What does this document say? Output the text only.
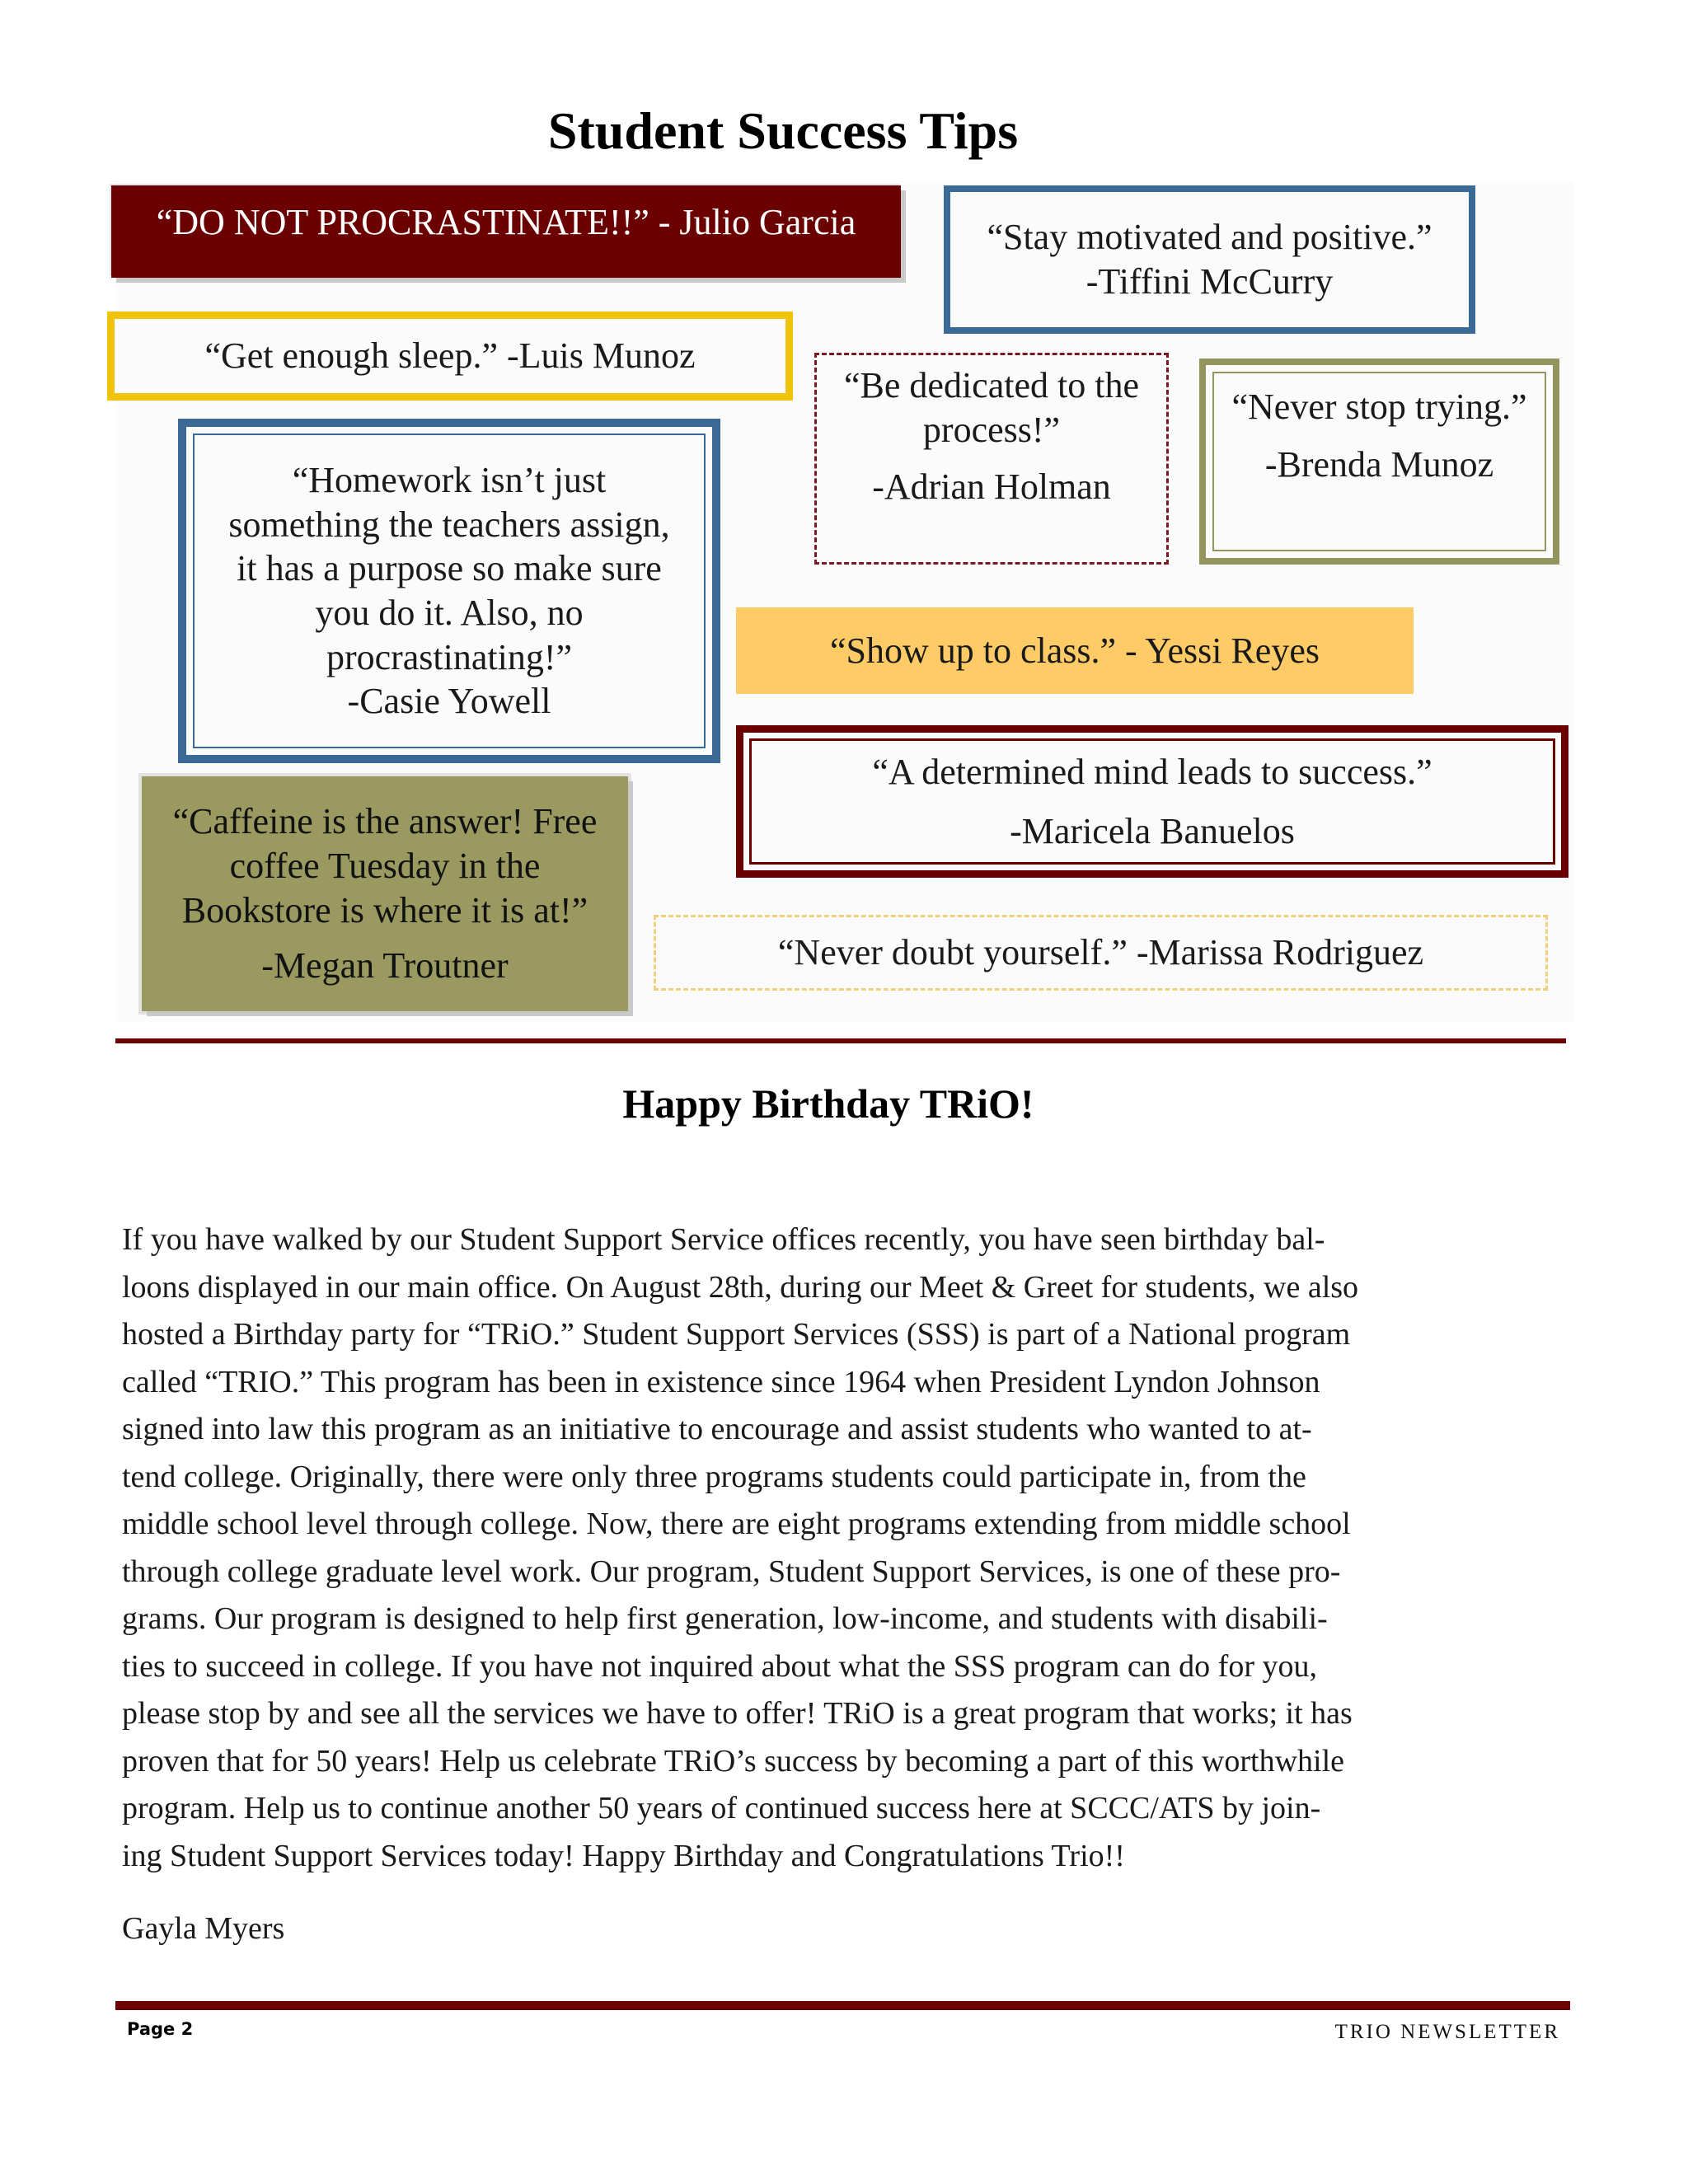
Student Success Tips

“DO NOT PROCRASTINATE!!” - Julio Garcia	“Stay motivated and positive.”

-Tiffini McCurry

“Get enough sleep.” -Luis Munoz

“Be dedicated to the process!”

-Adrian Holman

“Never stop trying.”

-Brenda Munoz

“Homework isn’t just something the teachers assign, it has a purpose so make sure you do it. Also, no procrastinating!”

-Casie Yowell

“Show up to class.” - Yessi Reyes

“A determined mind leads to success.”

-Maricela Banuelos

“Caffeine is the answer! Free coffee Tuesday in the Bookstore is where it is at!”

-Megan Troutner	“Never doubt yourself.” -Marissa Rodriguez

Happy Birthday TRiO!
If you have walked by our Student Support Service offices recently, you have seen birthday bal-
loons displayed in our main office. On August 28th, during our Meet & Greet for students, we also
hosted a Birthday party for “TRiO.” Student Support Services (SSS) is part of a National program
called “TRIO.” This program has been in existence since 1964 when President Lyndon Johnson
signed into law this program as an initiative to encourage and assist students who wanted to at-
tend college. Originally, there were only three programs students could participate in, from the
middle school level through college. Now, there are eight programs extending from middle school
through college graduate level work. Our program, Student Support Services, is one of these pro-
grams. Our program is designed to help first generation, low-income, and students with disabili-
ties to succeed in college. If you have not inquired about what the SSS program can do for you,
please stop by and see all the services we have to offer! TRiO is a great program that works; it has
proven that for 50 years! Help us celebrate TRiO’s success by becoming a part of this worthwhile
program. Help us to continue another 50 years of continued success here at SCCC/ATS by join-
ing Student Support Services today! Happy Birthday and Congratulations Trio!!
Gayla Myers
Page 2	TRIO NEWSLETTER
